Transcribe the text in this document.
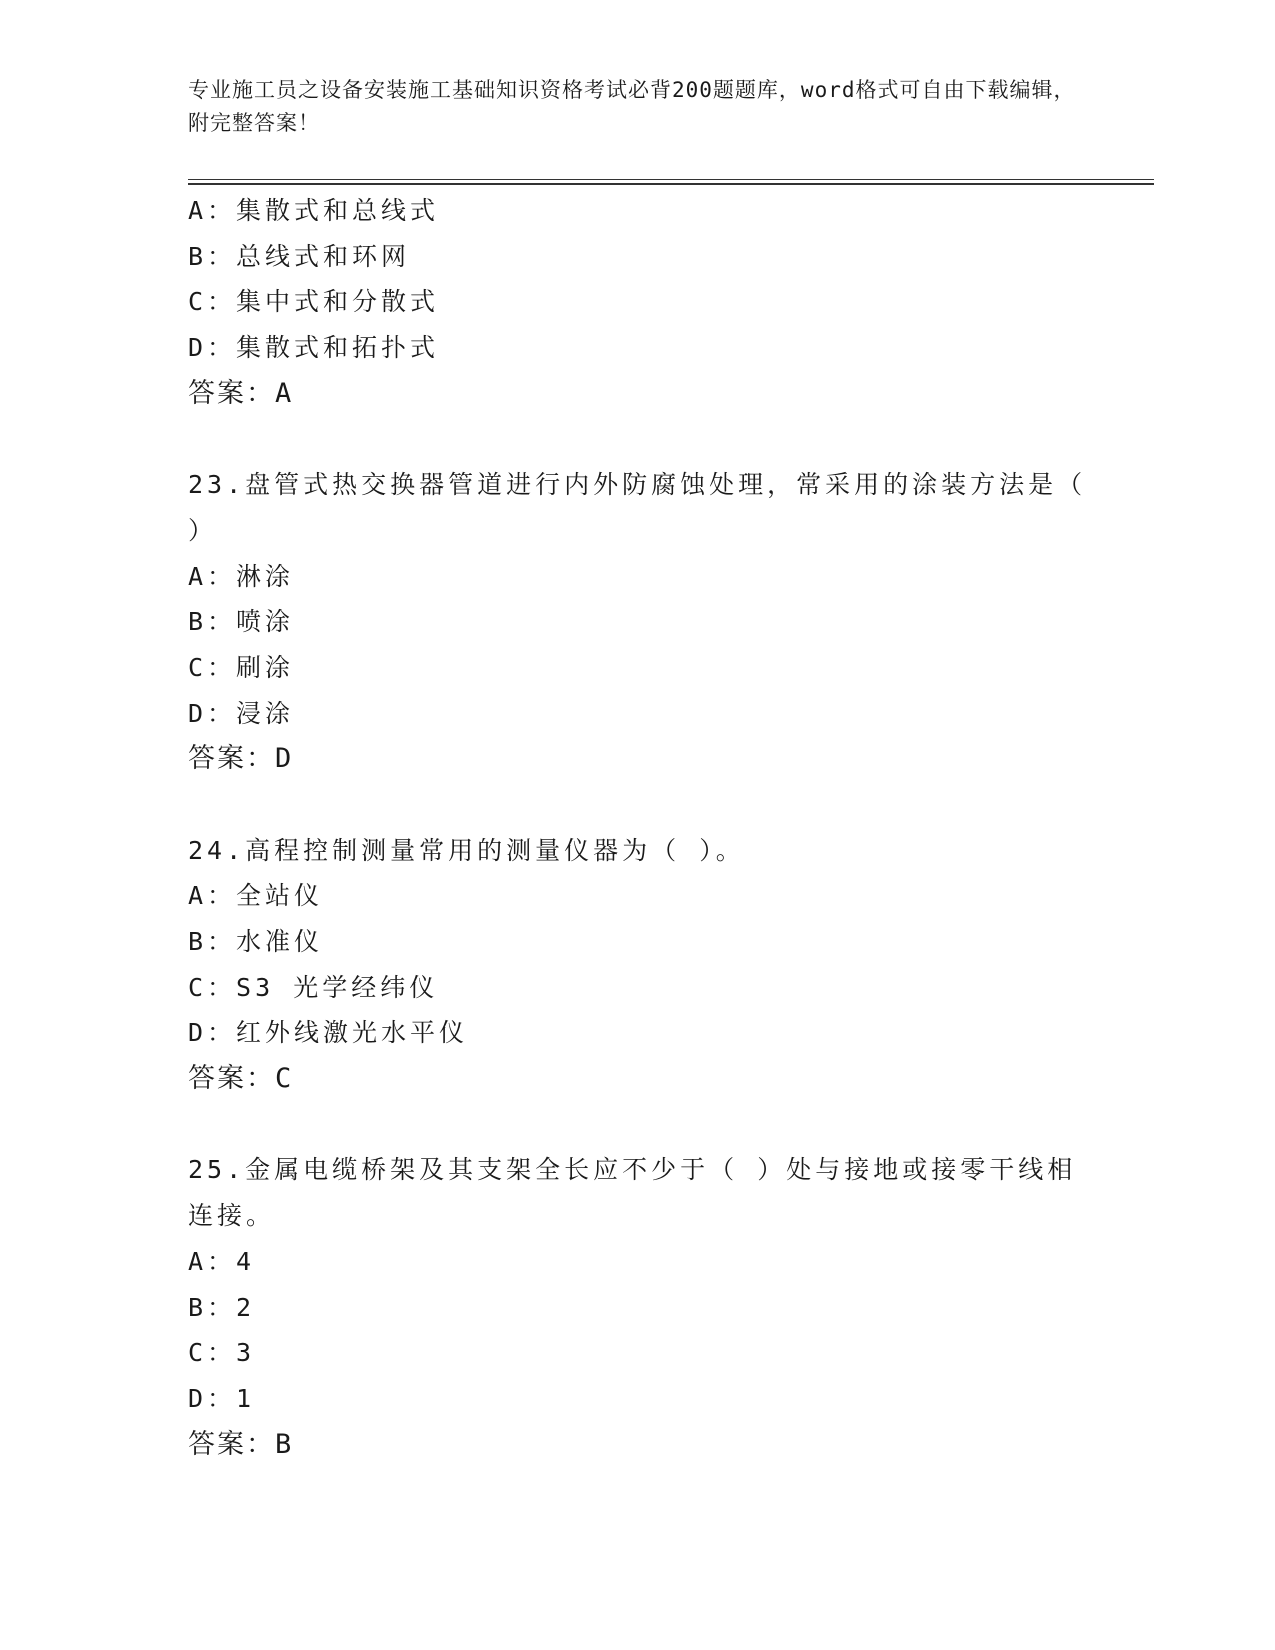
专业施工员之设备安装施工基础知识资格考试必背200题题库，word格式可自由下载编辑，附完整答案！
A：集散式和总线式
B：总线式和环网
C：集中式和分散式
D：集散式和拓扑式
答案：A
23.盘管式热交换器管道进行内外防腐蚀处理，常采用的涂装方法是（
）
A：淋涂
B：喷涂
C：刷涂
D：浸涂
答案：D
24.高程控制测量常用的测量仪器为（ ）。
A：全站仪
B：水准仪
C：S3 光学经纬仪
D：红外线激光水平仪
答案：C
25.金属电缆桥架及其支架全长应不少于（ ）处与接地或接零干线相
连接。
A：4
B：2
C：3
D：1
答案：B
